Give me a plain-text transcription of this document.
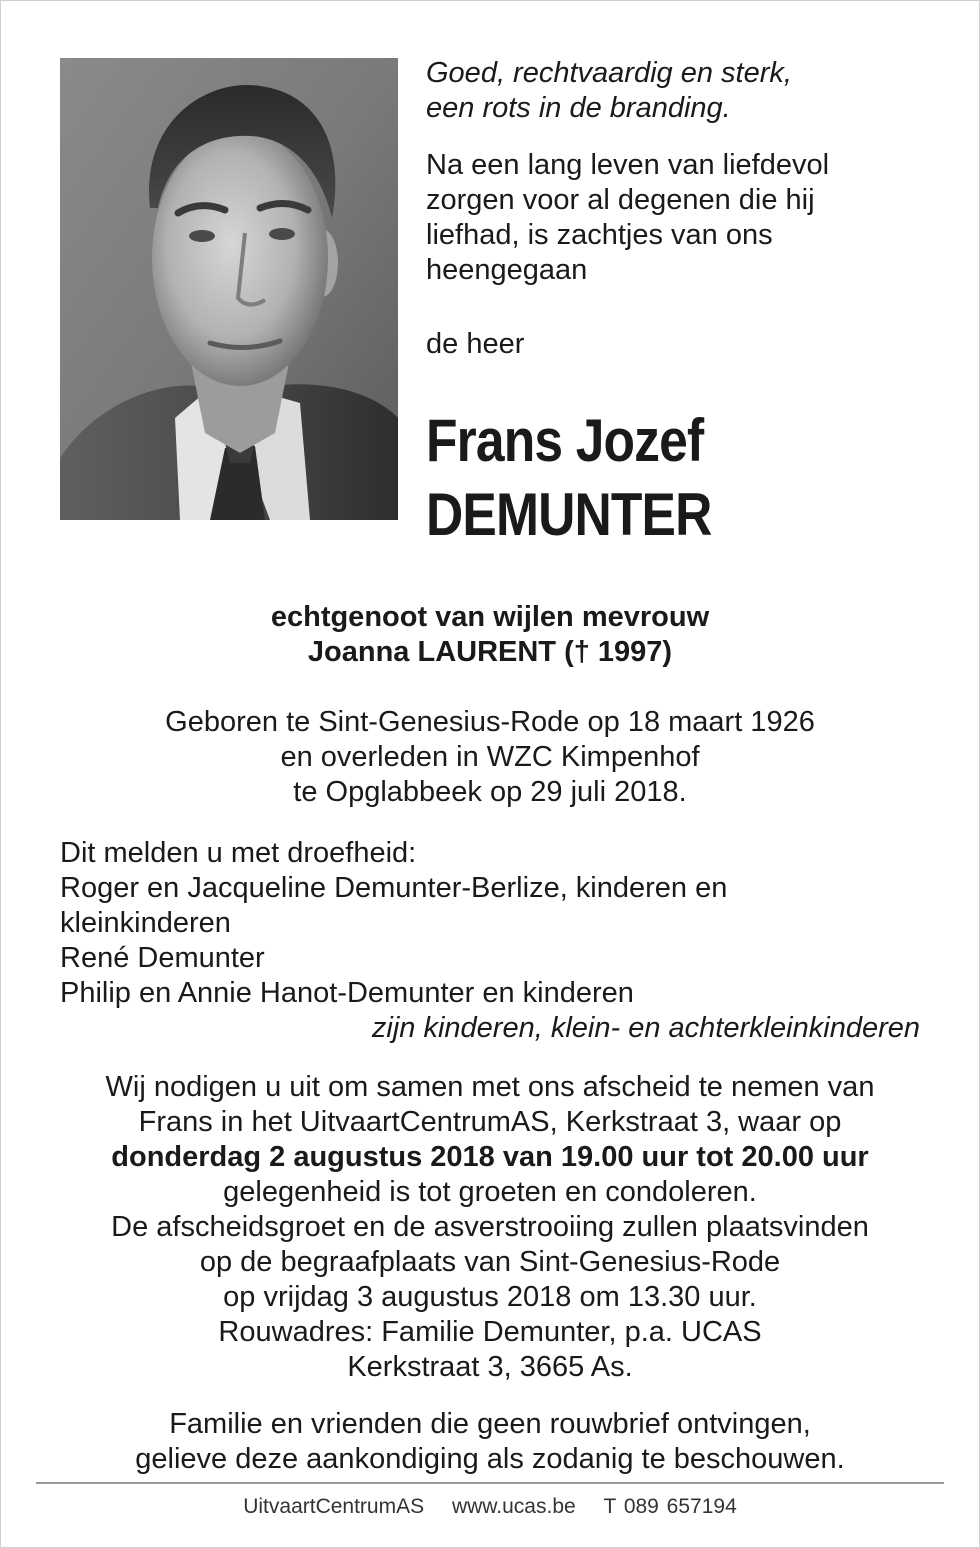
Goed, rechtvaardig en sterk,
een rots in de branding.
Na een lang leven van liefdevol
zorgen voor al degenen die hij
liefhad, is zachtjes van ons
heengegaan
de heer
Frans Jozef
DEMUNTER
echtgenoot van wijlen mevrouw
Joanna LAURENT († 1997)
Geboren te Sint-Genesius-Rode op 18 maart 1926
en overleden in WZC Kimpenhof
te Opglabbeek op 29 juli 2018.
Dit melden u met droefheid:
Roger en Jacqueline Demunter-Berlize, kinderen en
kleinkinderen
René Demunter
Philip en Annie Hanot-Demunter en kinderen
zijn kinderen, klein- en achterkleinkinderen
Wij nodigen u uit om samen met ons afscheid te nemen van
Frans in het UitvaartCentrumAS, Kerkstraat 3, waar op
donderdag 2 augustus 2018 van 19.00 uur tot 20.00 uur
gelegenheid is tot groeten en condoleren.
De afscheidsgroet en de asverstrooiing zullen plaatsvinden
op de begraafplaats van Sint-Genesius-Rode
op vrijdag 3 augustus 2018 om 13.30 uur.
Rouwadres: Familie Demunter, p.a. UCAS
Kerkstraat 3, 3665 As.
Familie en vrienden die geen rouwbrief ontvingen,
gelieve deze aankondiging als zodanig te beschouwen.
UitvaartCentrumAS www.ucas.be T 089 657194
